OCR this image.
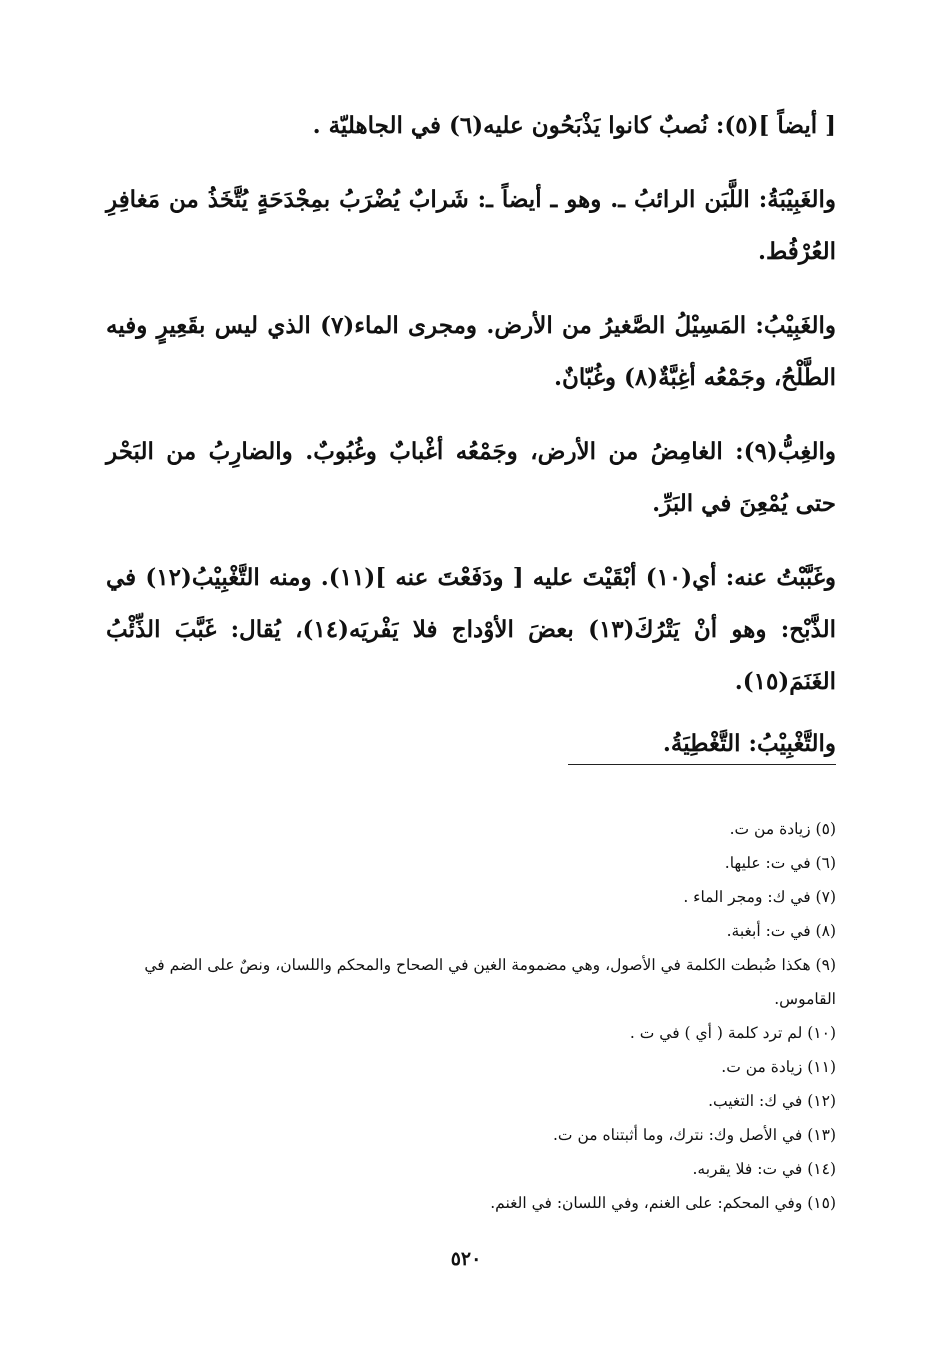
[ أيضاً ](٥): نُصبٌ كانوا يَذْبَحُون عليه(٦) في الجاهليّة .

والغَبِيْبَةُ: اللَّبَن الرائبُ ـ. وهو ـ أيضاً ـ: شَرابٌ يُضْرَبُ بمِجْدَحَةٍ يُتَّخَذُ من مَغافِرِ العُرْفُط.

والغَبِيْبُ: المَسِيْلُ الصَّغيرُ من الأرض. ومجرى الماء(٧) الذي ليس بقَعِيرٍ وفيه الطَّلْحُ، وجَمْعُه أغِبَّةٌ(٨) وغُبّانٌ.

والغِبُّ(٩): الغامِضُ من الأرض، وجَمْعُه أغْبابٌ وغُبُوبٌ. والضارِبُ من البَحْر حتى يُمْعِنَ في البَرِّ.

وغَبَّبْتُ عنه: أي(١٠) أبْقَيْتَ عليه [ ودَفَعْتَ عنه ](١١). ومنه التَّغْبِيْبُ(١٢) في الذَّبْح: وهو أنْ يَتْرُكَ(١٣) بعضَ الأوْداج فلا يَفْريَه(١٤)، يُقال: غَبَّبَ الذِّئْبُ الغَنَمَ(١٥).

والتَّغْبِيْبُ: التَّغْطِيَةُ.

(٥) زيادة من ت.

(٦) في ت: عليها.

(٧) في ك: ومجر الماء .

(٨) في ت: أبغبة.

(٩) هكذا ضُبطت الكلمة في الأصول، وهي مضمومة الغين في الصحاح والمحكم واللسان، ونصٌ على الضم في القاموس.

(١٠) لم ترد كلمة ( أي ) في ت .

(١١) زيادة من ت.

(١٢) في ك: التغيب.

(١٣) في الأصل وك: نترك، وما أثبتناه من ت.

(١٤) في ت: فلا يقربه.

(١٥) وفي المحكم: على الغنم، وفي اللسان: في الغنم.

٥٢٠
